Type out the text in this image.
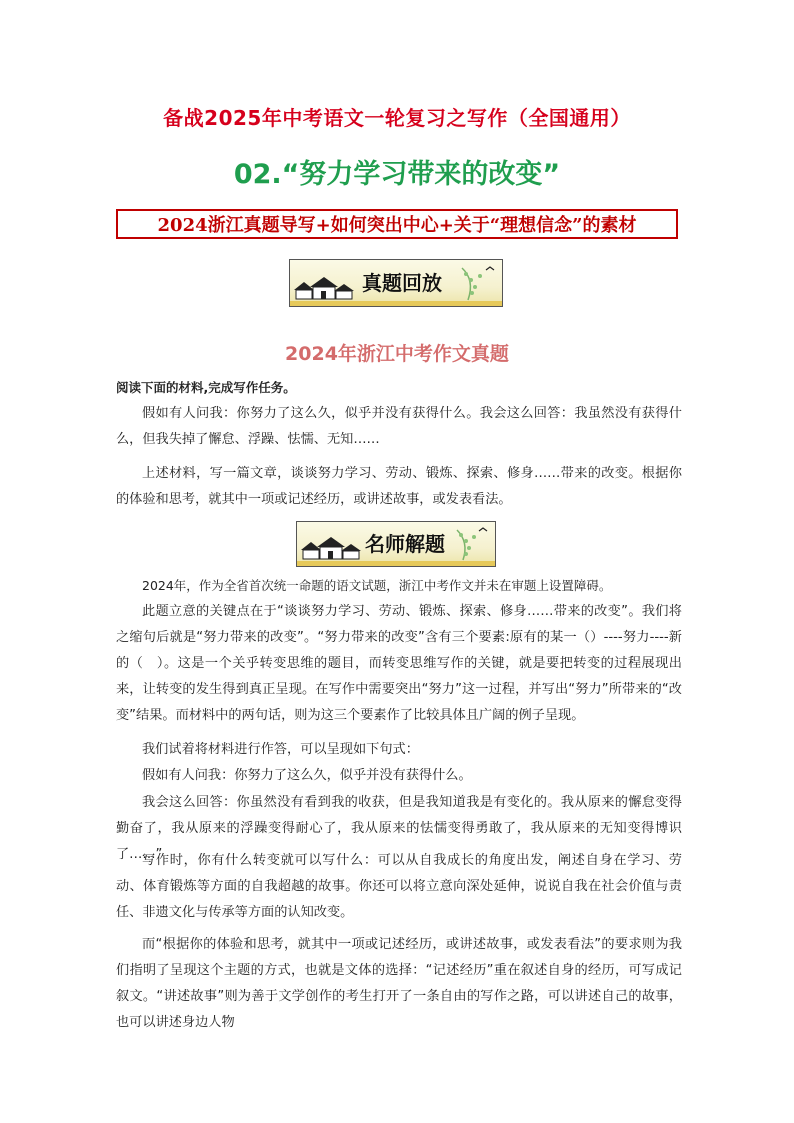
备战2025年中考语文一轮复习之写作（全国通用）
02.“努力学习带来的改变”
2024浙江真题导写+如何突出中心+关于“理想信念”的素材
真题回放
2024年浙江中考作文真题

阅读下面的材料,完成写作任务。

假如有人问我：你努力了这么久，似乎并没有获得什么。我会这么回答：我虽然没有获得什么，但我失掉了懈怠、浮躁、怯懦、无知……

上述材料，写一篇文章，谈谈努力学习、劳动、锻炼、探索、修身……带来的改变。根据你的体验和思考，就其中一项或记述经历，或讲述故事，或发表看法。

名师解题

2024年，作为全省首次统一命题的语文试题，浙江中考作文并未在审题上设置障碍。

此题立意的关键点在于“谈谈努力学习、劳动、锻炼、探索、修身……带来的改变”。我们将之缩句后就是“努力带来的改变”。“努力带来的改变”含有三个要素:原有的某一（）----努力----新的（　）。这是一个关乎转变思维的题目，而转变思维写作的关键，就是要把转变的过程展现出来，让转变的发生得到真正呈现。在写作中需要突出“努力”这一过程，并写出“努力”所带来的“改变”结果。而材料中的两句话，则为这三个要素作了比较具体且广阔的例子呈现。

我们试着将材料进行作答，可以呈现如下句式：

假如有人问我：你努力了这么久，似乎并没有获得什么。

我会这么回答：你虽然没有看到我的收获，但是我知道我是有变化的。我从原来的懈怠变得勤奋了，我从原来的浮躁变得耐心了，我从原来的怯懦变得勇敢了，我从原来的无知变得博识了……”

写作时，你有什么转变就可以写什么：可以从自我成长的角度出发，阐述自身在学习、劳动、体育锻炼等方面的自我超越的故事。你还可以将立意向深处延伸，说说自我在社会价值与责任、非遗文化与传承等方面的认知改变。

而“根据你的体验和思考，就其中一项或记述经历，或讲述故事，或发表看法”的要求则为我们指明了呈现这个主题的方式，也就是文体的选择：“记述经历”重在叙述自身的经历，可写成记叙文。“讲述故事”则为善于文学创作的考生打开了一条自由的写作之路，可以讲述自己的故事，也可以讲述身边人物
